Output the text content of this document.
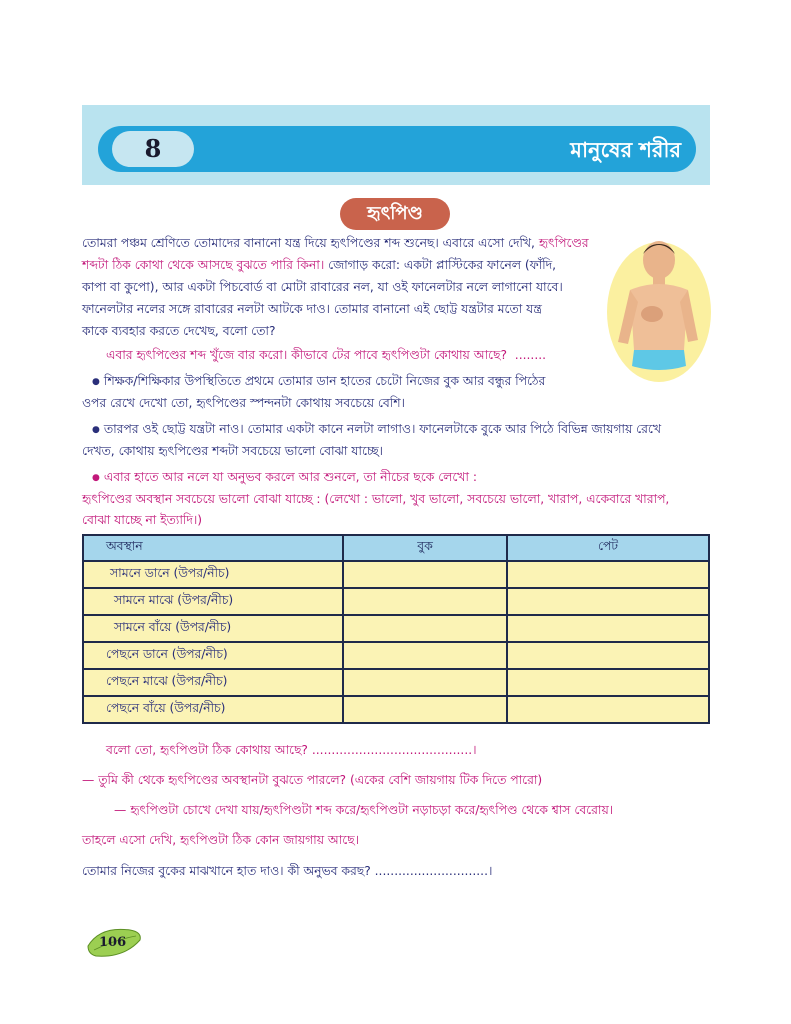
8	মানুষের শরীর
হৃৎপিণ্ড

তোমরা পঞ্চম শ্রেণিতে তোমাদের বানানো যন্ত্র দিয়ে হৃৎপিণ্ডের শব্দ শুনেছ। এবারে এসো দেখি, হৃৎপিণ্ডের

শব্দটা ঠিক কোথা থেকে আসছে বুঝতে পারি কিনা। জোগাড় করো: একটা প্লাস্টিকের ফানেল (ফাঁদি,

কাপা বা কুপো), আর একটা পিচবোর্ড বা মোটা রাবারের নল, যা ওই ফানেলটার নলে লাগানো যাবে।

ফানেলটার নলের সঙ্গে রাবারের নলটা আটকে দাও। তোমার বানানো এই ছোট্ট যন্ত্রটার মতো যন্ত্র

কাকে ব্যবহার করতে দেখেছ, বলো তো?

এবার হৃৎপিণ্ডের শব্দ খুঁজে বার করো। কীভাবে টের পাবে হৃৎপিণ্ডটা কোথায় আছে? ........

● শিক্ষক/শিক্ষিকার উপস্থিতিতে প্রথমে তোমার ডান হাতের চেটো নিজের বুক আর বন্ধুর পিঠের

ওপর রেখে দেখো তো, হৃৎপিণ্ডের স্পন্দনটা কোথায় সবচেয়ে বেশি।

● তারপর ওই ছোট্ট যন্ত্রটা নাও। তোমার একটা কানে নলটা লাগাও। ফানেলটাকে বুকে আর পিঠে বিভিন্ন জায়গায় রেখে

দেখত, কোথায় হৃৎপিণ্ডের শব্দটা সবচেয়ে ভালো বোঝা যাচ্ছে।

● এবার হাতে আর নলে যা অনুভব করলে আর শুনলে, তা নীচের ছকে লেখো :

হৃৎপিণ্ডের অবস্থান সবচেয়ে ভালো বোঝা যাচ্ছে : (লেখো : ভালো, খুব ভালো, সবচেয়ে ভালো, খারাপ, একেবারে খারাপ,

বোঝা যাচ্ছে না ইত্যাদি।)

অবস্থান	বুক	পেট
সামনে ডানে (উপর/নীচ)		
সামনে মাঝে (উপর/নীচ)		
সামনে বাঁয়ে (উপর/নীচ)		
পেছনে ডানে (উপর/নীচ)		
পেছনে মাঝে (উপর/নীচ)		
পেছনে বাঁয়ে (উপর/নীচ)		

বলো তো, হৃৎপিণ্ডটা ঠিক কোথায় আছে? .........................................।

— তুমি কী থেকে হৃৎপিণ্ডের অবস্থানটা বুঝতে পারলে? (একের বেশি জায়গায় টিক দিতে পারো)

— হৃৎপিণ্ডটা চোখে দেখা যায়/হৃৎপিণ্ডটা শব্দ করে/হৃৎপিণ্ডটা নড়াচড়া করে/হৃৎপিণ্ড থেকে শ্বাস বেরোয়।

তাহলে এসো দেখি, হৃৎপিণ্ডটা ঠিক কোন জায়গায় আছে।

তোমার নিজের বুকের মাঝখানে হাত দাও। কী অনুভব করছ? .............................।

106
